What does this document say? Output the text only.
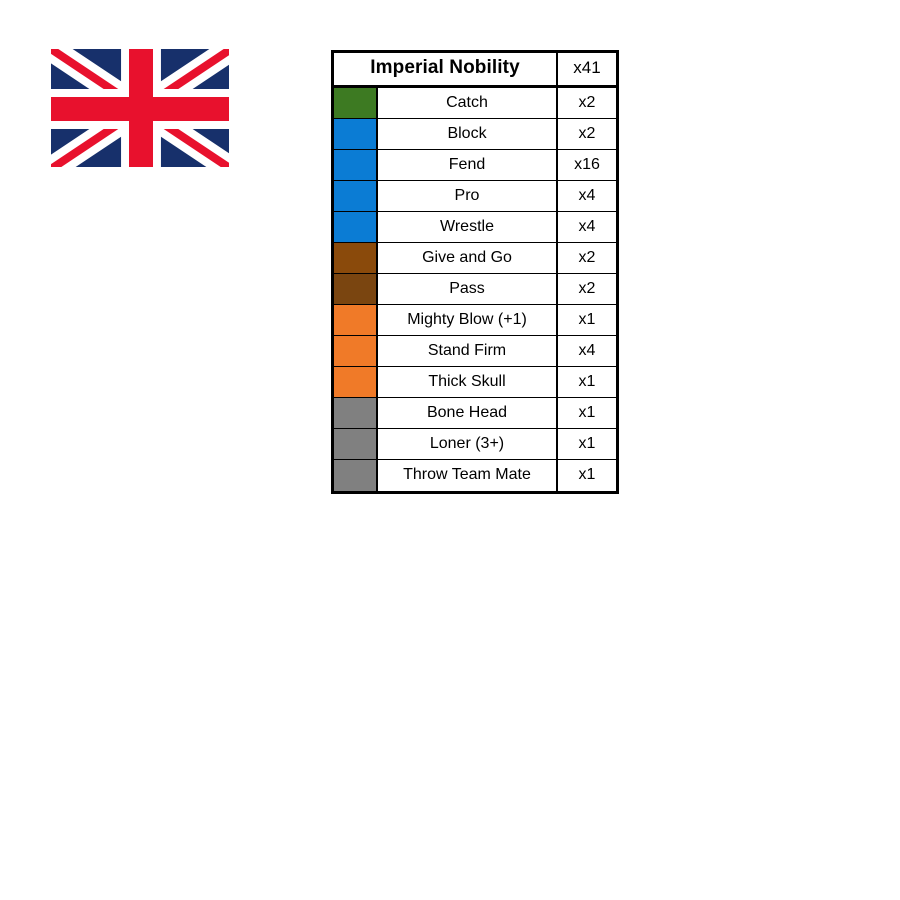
Imperial Nobility	x41
Catch	x2
Block	x2
Fend	x16
Pro	x4
Wrestle	x4
Give and Go	x2
Pass	x2
Mighty Blow (+1)	x1
Stand Firm	x4
Thick Skull	x1
Bone Head	x1
Loner (3+)	x1
Throw Team Mate	x1
